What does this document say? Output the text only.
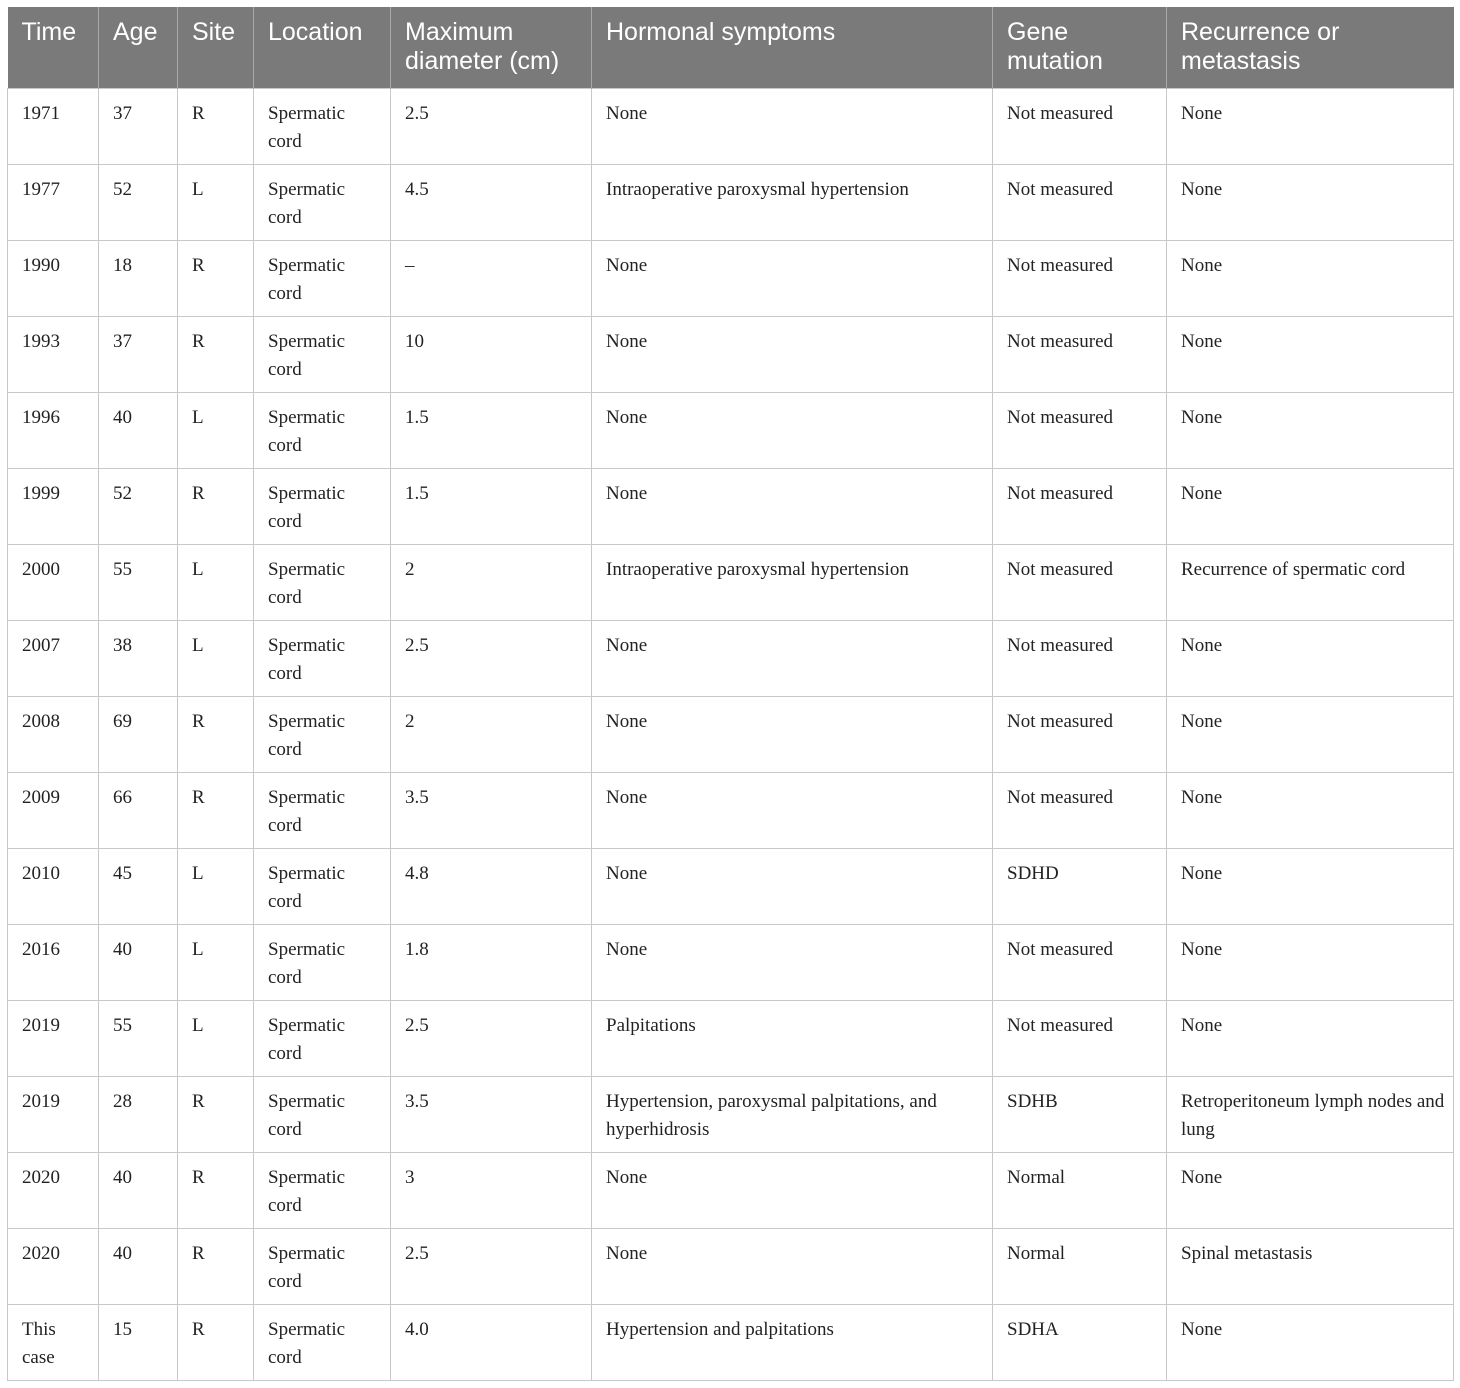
Time	Age	Site	Location	Maximum diameter (cm)	Hormonal symptoms	Gene mutation	Recurrence or metastasis
1971	37	R	Spermatic cord	2.5	None	Not measured	None
1977	52	L	Spermatic cord	4.5	Intraoperative paroxysmal hypertension	Not measured	None
1990	18	R	Spermatic cord	–	None	Not measured	None
1993	37	R	Spermatic cord	10	None	Not measured	None
1996	40	L	Spermatic cord	1.5	None	Not measured	None
1999	52	R	Spermatic cord	1.5	None	Not measured	None
2000	55	L	Spermatic cord	2	Intraoperative paroxysmal hypertension	Not measured	Recurrence of spermatic cord
2007	38	L	Spermatic cord	2.5	None	Not measured	None
2008	69	R	Spermatic cord	2	None	Not measured	None
2009	66	R	Spermatic cord	3.5	None	Not measured	None
2010	45	L	Spermatic cord	4.8	None	SDHD	None
2016	40	L	Spermatic cord	1.8	None	Not measured	None
2019	55	L	Spermatic cord	2.5	Palpitations	Not measured	None
2019	28	R	Spermatic cord	3.5	Hypertension, paroxysmal palpitations, and hyperhidrosis	SDHB	Retroperitoneum lymph nodes and lung
2020	40	R	Spermatic cord	3	None	Normal	None
2020	40	R	Spermatic cord	2.5	None	Normal	Spinal metastasis
This case	15	R	Spermatic cord	4.0	Hypertension and palpitations	SDHA	None
